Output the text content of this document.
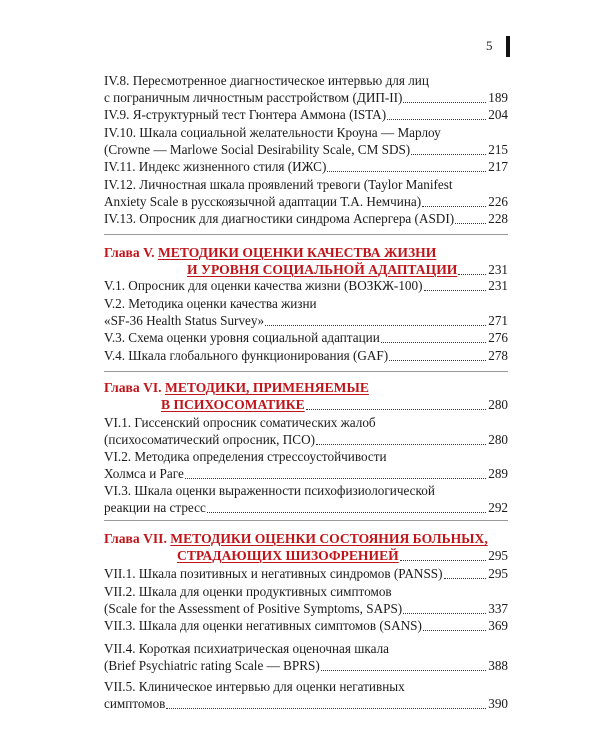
5
IV.8. Пересмотренное диагностическое интервью для лиц
с пограничным личностным расстройством (ДИП-II)	189
IV.9. Я-структурный тест Гюнтера Аммона (ISTA)	204
IV.10. Шкала социальной желательности Кроуна — Марлоу
(Crowne — Marlowe Social Desirability Scale, CM SDS)	215
IV.11. Индекс жизненного стиля (ИЖС)	217
IV.12. Личностная шкала проявлений тревоги (Taylor Manifest
Anxiety Scale в русскоязычной адаптации Т.А. Немчина)	226
IV.13. Опросник для диагностики синдрома Аспергера (ASDI)	228
Глава V. МЕТОДИКИ ОЦЕНКИ КАЧЕСТВА ЖИЗНИ
И УРОВНЯ СОЦИАЛЬНОЙ АДАПТАЦИИ 231
V.1. Опросник для оценки качества жизни (ВОЗКЖ-100)	231
V.2. Методика оценки качества жизни
«SF-36 Health Status Survey»	271
V.3. Схема оценки уровня социальной адаптации	276
V.4. Шкала глобального функционирования (GAF)	278
Глава VI. МЕТОДИКИ, ПРИМЕНЯЕМЫЕ
В ПСИХОСОМАТИКЕ	280
VI.1. Гиссенский опросник соматических жалоб
(психосоматический опросник, ПСО)	280
VI.2. Методика определения стрессоустойчивости
Холмса и Раге	289
VI.3. Шкала оценки выраженности психофизиологической
реакции на стресс	292
Глава VII. МЕТОДИКИ ОЦЕНКИ СОСТОЯНИЯ БОЛЬНЫХ,
СТРАДАЮЩИХ ШИЗОФРЕНИЕЙ	295
VII.1. Шкала позитивных и негативных синдромов (PANSS)	295
VII.2. Шкала для оценки продуктивных симптомов
(Scale for the Assessment of Positive Symptoms, SAPS)	337
VII.3. Шкала для оценки негативных симптомов (SANS)	369
VII.4. Короткая психиатрическая оценочная шкала
(Brief Psychiatric rating Scale — BPRS)	388
VII.5. Клиническое интервью для оценки негативных
симптомов	390
